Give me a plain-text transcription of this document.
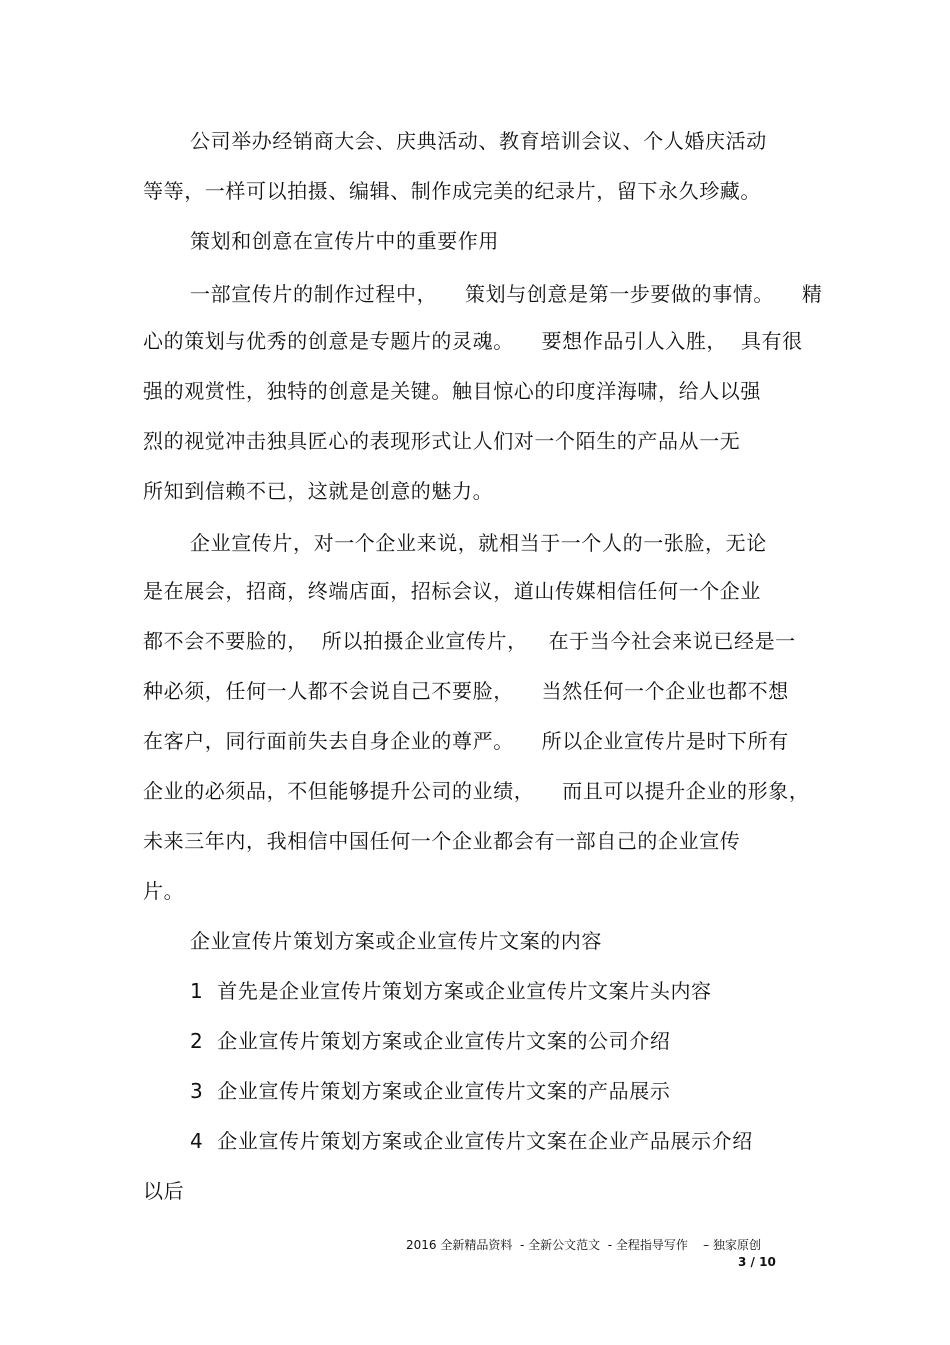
公司举办经销商大会、庆典活动、教育培训会议、个人婚庆活动
等等，一样可以拍摄、编辑、制作成完美的纪录片，留下永久珍藏。
策划和创意在宣传片中的重要作用
一部宣传片的制作过程中，    策划与创意是第一步要做的事情。    精
心的策划与优秀的创意是专题片的灵魂。    要想作品引人入胜，  具有很
强的观赏性，独特的创意是关键。触目惊心的印度洋海啸，给人以强
烈的视觉冲击独具匠心的表现形式让人们对一个陌生的产品从一无
所知到信赖不已，这就是创意的魅力。
企业宣传片，对一个企业来说，就相当于一个人的一张脸，无论
是在展会，招商，终端店面，招标会议，道山传媒相信任何一个企业
都不会不要脸的，  所以拍摄企业宣传片，   在于当今社会来说已经是一
种必须，任何一人都不会说自己不要脸，    当然任何一个企业也都不想
在客户，同行面前失去自身企业的尊严。    所以企业宣传片是时下所有
企业的必须品，不但能够提升公司的业绩，    而且可以提升企业的形象，
未来三年内，我相信中国任何一个企业都会有一部自己的企业宣传
片。
企业宣传片策划方案或企业宣传片文案的内容
1  首先是企业宣传片策划方案或企业宣传片文案片头内容
2  企业宣传片策划方案或企业宣传片文案的公司介绍
3  企业宣传片策划方案或企业宣传片文案的产品展示
4  企业宣传片策划方案或企业宣传片文案在企业产品展示介绍
以后
2016 全新精品资料  - 全新公文范文  - 全程指导写作    – 独家原创
3 / 10
